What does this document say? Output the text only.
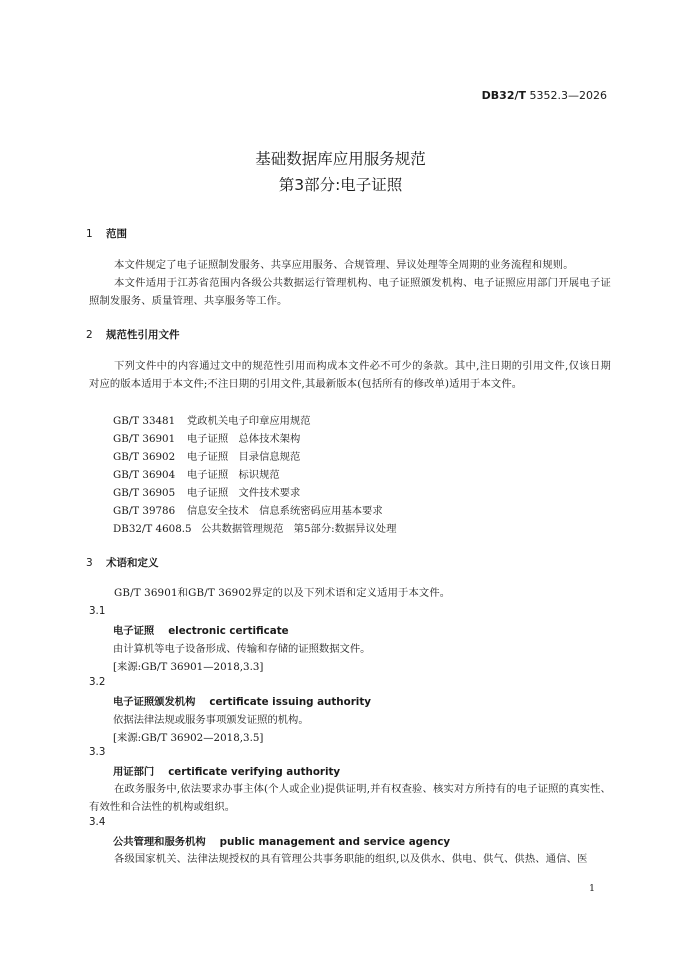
DB32/T 5352.3—2026
基础数据库应用服务规范
第3部分:电子证照
1 范围
本文件规定了电子证照制发服务、共享应用服务、合规管理、异议处理等全周期的业务流程和规则。
本文件适用于江苏省范围内各级公共数据运行管理机构、电子证照颁发机构、电子证照应用部门开展电子证照制发服务、质量管理、共享服务等工作。
2 规范性引用文件
下列文件中的内容通过文中的规范性引用而构成本文件必不可少的条款。其中,注日期的引用文件,仅该日期对应的版本适用于本文件;不注日期的引用文件,其最新版本(包括所有的修改单)适用于本文件。
GB/T 33481 党政机关电子印章应用规范
GB/T 36901 电子证照　总体技术架构
GB/T 36902 电子证照　目录信息规范
GB/T 36904 电子证照　标识规范
GB/T 36905 电子证照　文件技术要求
GB/T 39786 信息安全技术　信息系统密码应用基本要求
DB32/T 4608.5 公共数据管理规范　第5部分:数据异议处理
3 术语和定义
GB/T 36901和GB/T 36902界定的以及下列术语和定义适用于本文件。
3.1
电子证照 electronic certificate
由计算机等电子设备形成、传输和存储的证照数据文件。
[来源:GB/T 36901—2018,3.3]
3.2
电子证照颁发机构 certificate issuing authority
依据法律法规或服务事项颁发证照的机构。
[来源:GB/T 36902—2018,3.5]
3.3
用证部门 certificate verifying authority
在政务服务中,依法要求办事主体(个人或企业)提供证明,并有权查验、核实对方所持有的电子证照的真实性、有效性和合法性的机构或组织。
3.4
公共管理和服务机构 public management and service agency
各级国家机关、法律法规授权的具有管理公共事务职能的组织,以及供水、供电、供气、供热、通信、医
1
